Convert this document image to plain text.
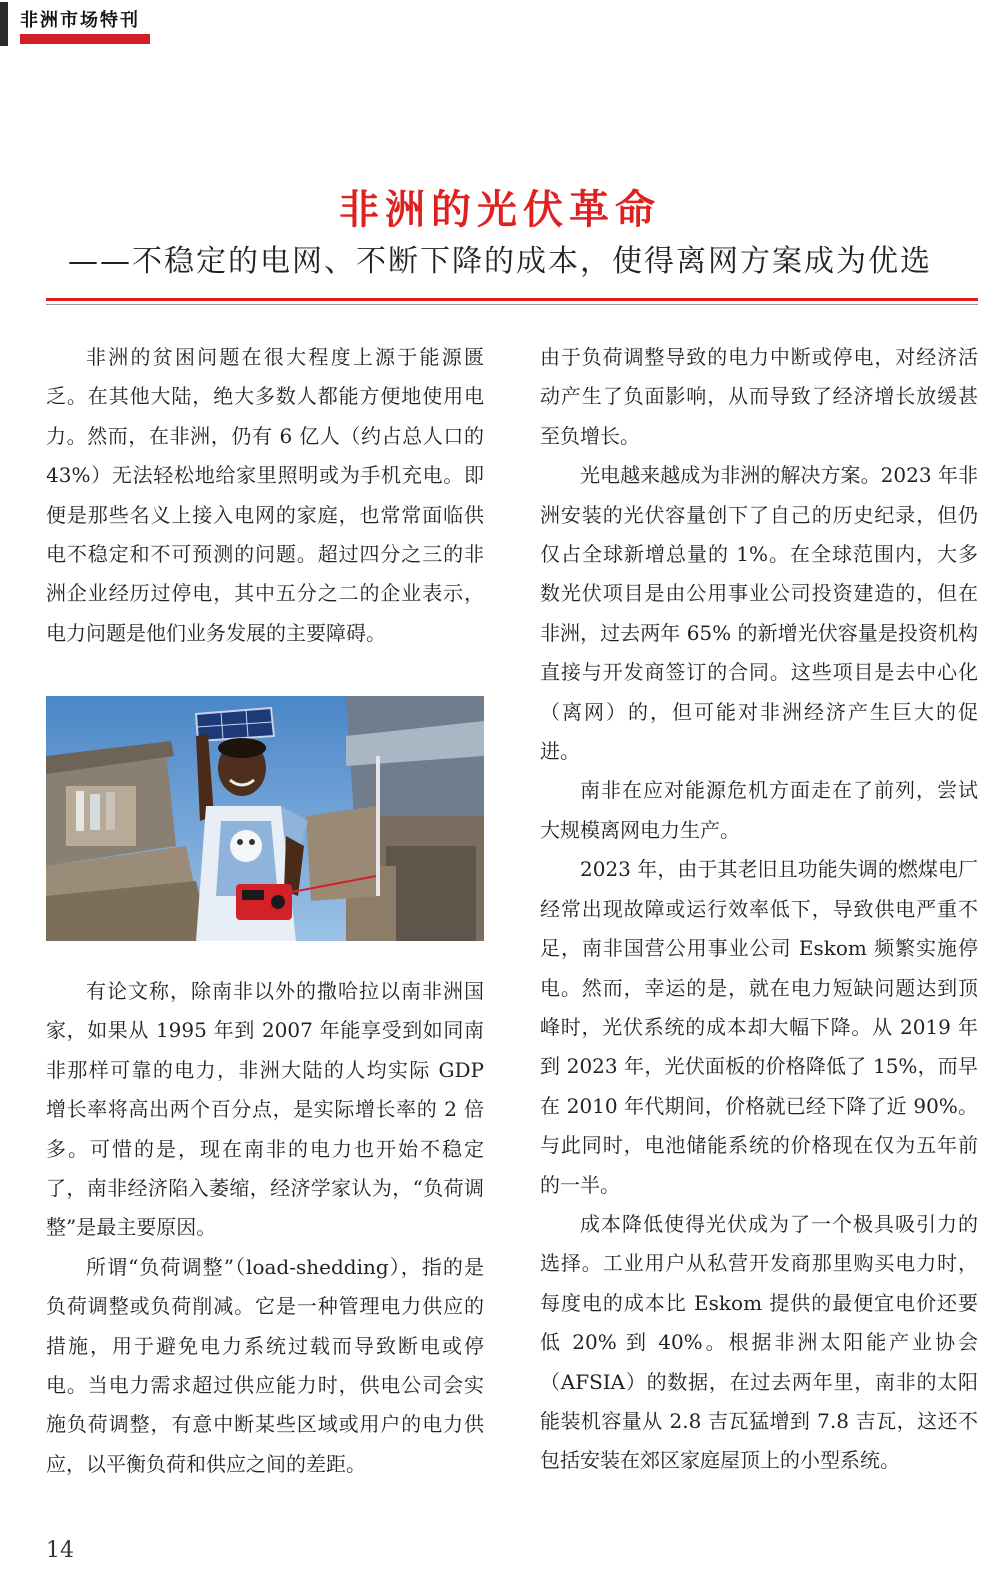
非洲市场特刊
非洲的光伏革命
——不稳定的电网、不断下降的成本，使得离网方案成为优选

非洲的贫困问题在很大程度上源于能源匮乏。在其他大陆，绝大多数人都能方便地使用电力。然而，在非洲，仍有 6 亿人（约占总人口的 43%）无法轻松地给家里照明或为手机充电。即便是那些名义上接入电网的家庭，也常常面临供电不稳定和不可预测的问题。超过四分之三的非洲企业经历过停电，其中五分之二的企业表示，电力问题是他们业务发展的主要障碍。

有论文称，除南非以外的撒哈拉以南非洲国家，如果从 1995 年到 2007 年能享受到如同南非那样可靠的电力，非洲大陆的人均实际 GDP 增长率将高出两个百分点，是实际增长率的 2 倍多。可惜的是，现在南非的电力也开始不稳定了，南非经济陷入萎缩，经济学家认为，“负荷调整”是最主要原因。

所谓“负荷调整”（load-shedding），指的是负荷调整或负荷削减。它是一种管理电力供应的措施，用于避免电力系统过载而导致断电或停电。当电力需求超过供应能力时，供电公司会实施负荷调整，有意中断某些区域或用户的电力供应，以平衡负荷和供应之间的差距。

由于负荷调整导致的电力中断或停电，对经济活动产生了负面影响，从而导致了经济增长放缓甚至负增长。

光电越来越成为非洲的解决方案。2023 年非洲安装的光伏容量创下了自己的历史纪录，但仍仅占全球新增总量的 1%。在全球范围内，大多数光伏项目是由公用事业公司投资建造的，但在非洲，过去两年 65% 的新增光伏容量是投资机构直接与开发商签订的合同。这些项目是去中心化（离网）的，但可能对非洲经济产生巨大的促进。

南非在应对能源危机方面走在了前列，尝试大规模离网电力生产。

2023 年，由于其老旧且功能失调的燃煤电厂经常出现故障或运行效率低下，导致供电严重不足，南非国营公用事业公司 Eskom 频繁实施停电。然而，幸运的是，就在电力短缺问题达到顶峰时，光伏系统的成本却大幅下降。从 2019 年到 2023 年，光伏面板的价格降低了 15%，而早在 2010 年代期间，价格就已经下降了近 90%。与此同时，电池储能系统的价格现在仅为五年前的一半。

成本降低使得光伏成为了一个极具吸引力的选择。工业用户从私营开发商那里购买电力时，每度电的成本比 Eskom 提供的最便宜电价还要低 20% 到 40%。根据非洲太阳能产业协会（AFSIA）的数据，在过去两年里，南非的太阳能装机容量从 2.8 吉瓦猛增到 7.8 吉瓦，这还不包括安装在郊区家庭屋顶上的小型系统。

14
